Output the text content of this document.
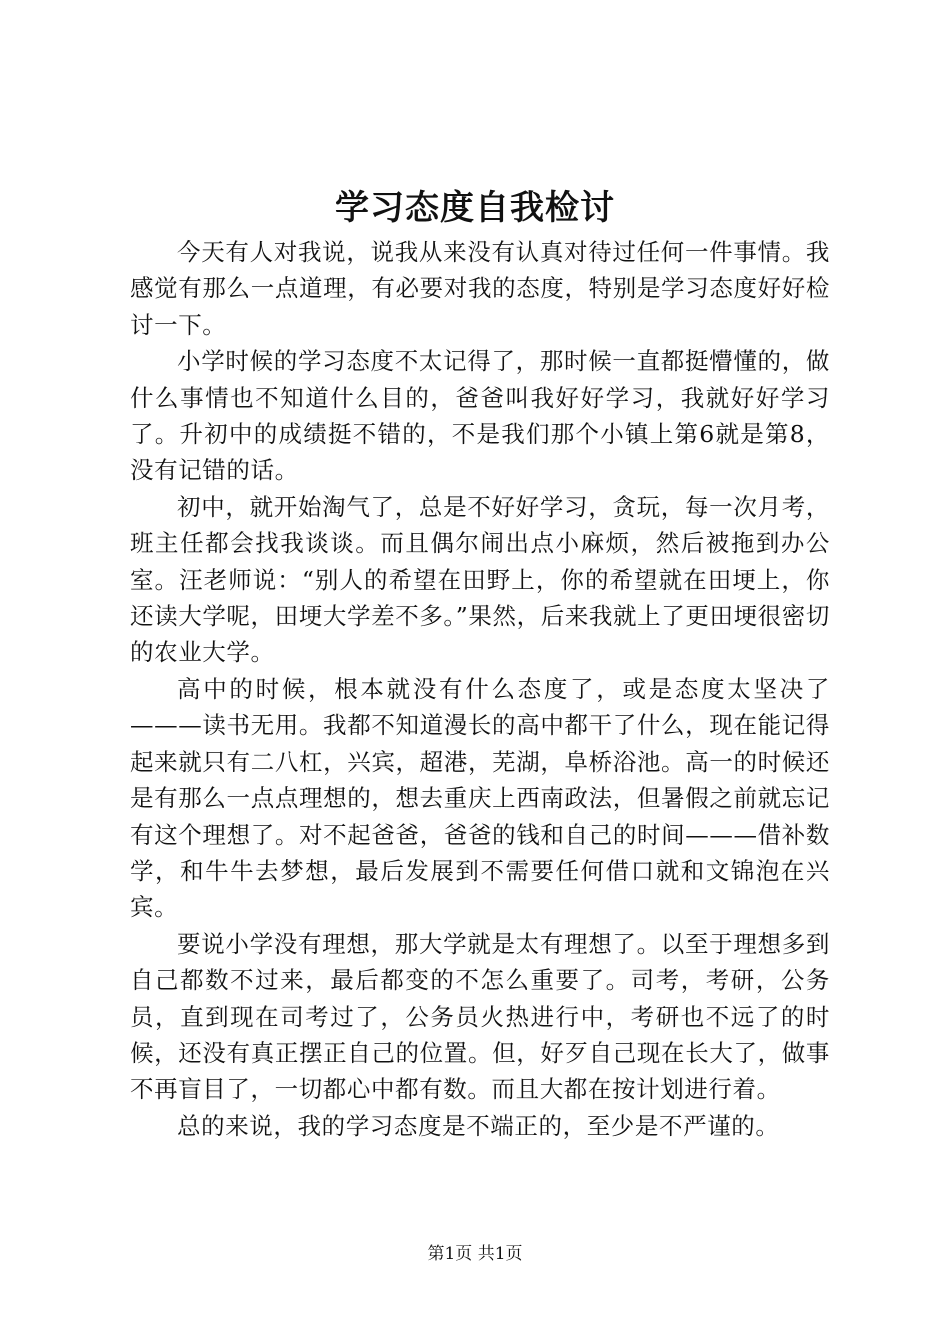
学习态度自我检讨

今天有人对我说，说我从来没有认真对待过任何一件事情。我感觉有那么一点道理，有必要对我的态度，特别是学习态度好好检讨一下。

小学时候的学习态度不太记得了，那时候一直都挺懵懂的，做什么事情也不知道什么目的，爸爸叫我好好学习，我就好好学习了。升初中的成绩挺不错的，不是我们那个小镇上第6就是第8，没有记错的话。

初中，就开始淘气了，总是不好好学习，贪玩，每一次月考，班主任都会找我谈谈。而且偶尔闹出点小麻烦，然后被拖到办公室。汪老师说：“别人的希望在田野上，你的希望就在田埂上，你还读大学呢，田埂大学差不多。”果然，后来我就上了更田埂很密切的农业大学。

高中的时候，根本就没有什么态度了，或是态度太坚决了———读书无用。我都不知道漫长的高中都干了什么，现在能记得起来就只有二八杠，兴宾，超港，芜湖，阜桥浴池。高一的时候还是有那么一点点理想的，想去重庆上西南政法，但暑假之前就忘记有这个理想了。对不起爸爸，爸爸的钱和自己的时间———借补数学，和牛牛去梦想，最后发展到不需要任何借口就和文锦泡在兴宾。

要说小学没有理想，那大学就是太有理想了。以至于理想多到自己都数不过来，最后都变的不怎么重要了。司考，考研，公务员，直到现在司考过了，公务员火热进行中，考研也不远了的时候，还没有真正摆正自己的位置。但，好歹自己现在长大了，做事不再盲目了，一切都心中都有数。而且大都在按计划进行着。

总的来说，我的学习态度是不端正的，至少是不严谨的。

第1页 共1页
